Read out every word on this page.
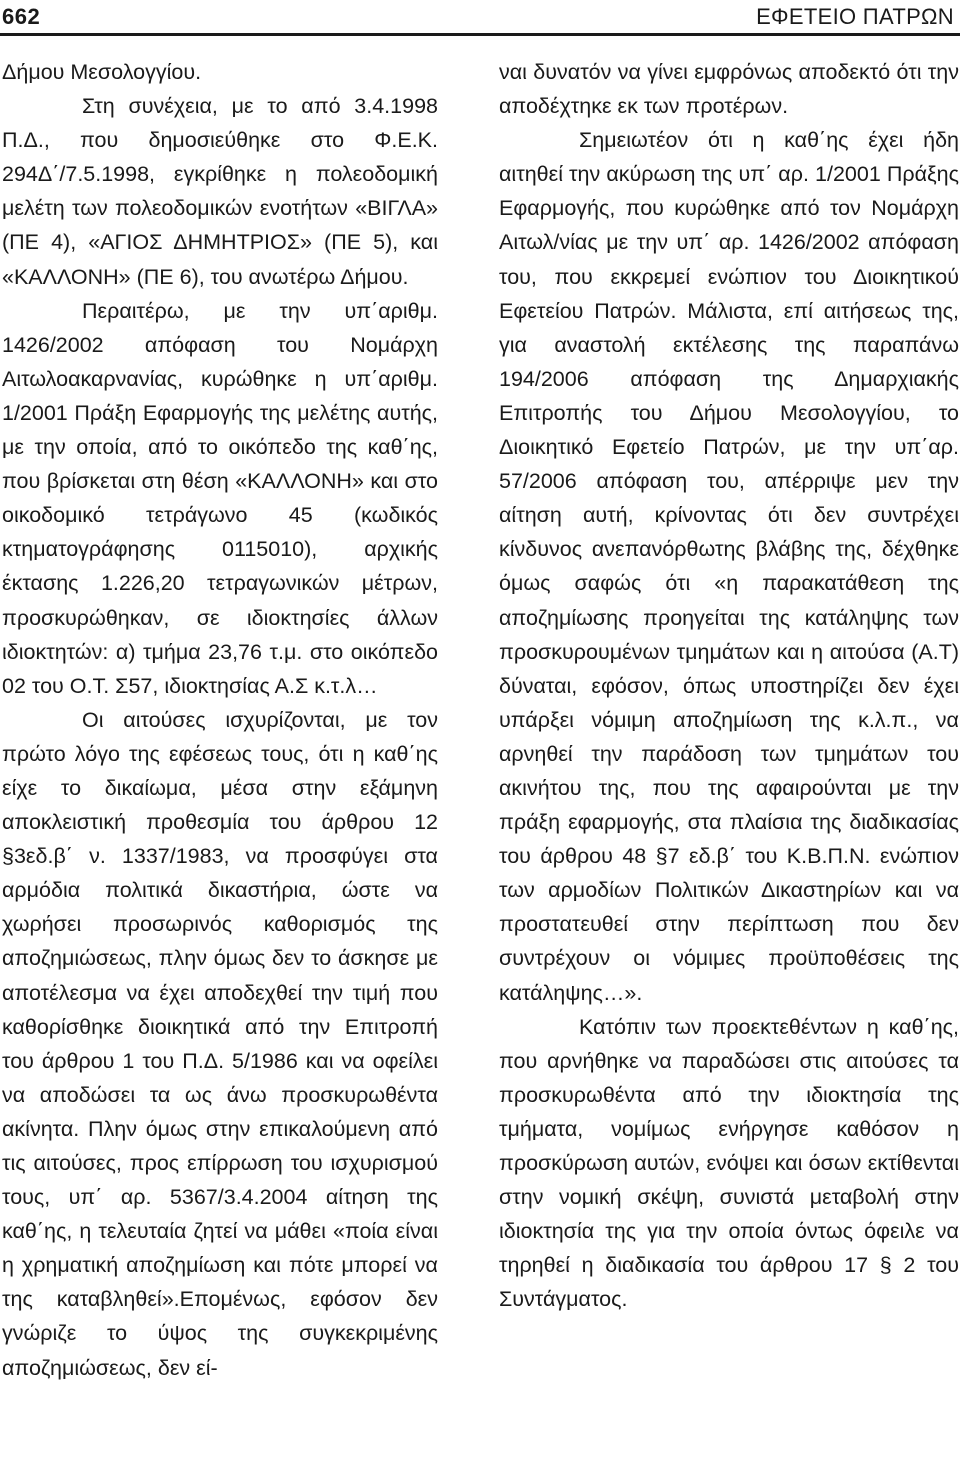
662	ΕΦΕΤΕΙΟ ΠΑΤΡΩΝ

Δήμου Μεσολογγίου.

Στη συνέχεια, με το από 3.4.1998 Π.Δ., που δημοσιεύθηκε στο Φ.Ε.Κ. 294Δ΄/7.5.1998, εγκρίθηκε η πολεοδομική μελέτη των πολεοδομικών ενοτήτων «ΒΙΓΛΑ» (ΠΕ 4), «ΑΓΙΟΣ ΔΗΜΗΤΡΙΟΣ» (ΠΕ 5), και «ΚΑΛΛΟΝΗ» (ΠΕ 6), του ανωτέρω Δήμου.

Περαιτέρω, με την υπ΄αριθμ. 1426/2002 απόφαση του Νομάρχη Αιτωλοακαρνανίας, κυρώθηκε η υπ΄αριθμ. 1/2001 Πράξη Εφαρμογής της μελέτης αυτής, με την οποία, από το οικόπεδο της καθ΄ης, που βρίσκεται στη θέση «ΚΑΛΛΟΝΗ» και στο οικοδομικό τετράγωνο 45 (κωδικός κτηματογράφησης 0115010), αρχικής έκτασης 1.226,20 τετραγωνικών μέτρων, προσκυρώθηκαν, σε ιδιοκτησίες άλλων ιδιοκτητών: α) τμήμα 23,76 τ.μ. στο οικόπεδο 02 του Ο.Τ. Σ57, ιδιοκτησίας Α.Σ κ.τ.λ…

Οι αιτούσες ισχυρίζονται, με τον πρώτο λόγο της εφέσεως τους, ότι η καθ΄ης είχε το δικαίωμα, μέσα στην εξάμηνη αποκλειστική προθεσμία του άρθρου 12 §3εδ.β΄ ν. 1337/1983, να προσφύγει στα αρμόδια πολιτικά δικαστήρια, ώστε να χωρήσει προσωρινός καθορισμός της αποζημιώσεως, πλην όμως δεν το άσκησε με αποτέλεσμα να έχει αποδεχθεί την τιμή που καθορίσθηκε διοικητικά από την Επιτροπή του άρθρου 1 του Π.Δ. 5/1986 και να οφείλει να αποδώσει τα ως άνω προσκυρωθέντα ακίνητα. Πλην όμως στην επικαλούμενη από τις αιτούσες, προς επίρρωση του ισχυρισμού τους, υπ΄ αρ. 5367/3.4.2004 αίτηση της καθ΄ης, η τελευταία ζητεί να μάθει «ποία είναι η χρηματική αποζημίωση και πότε μπορεί να της καταβληθεί».Επομένως, εφόσον δεν γνώριζε το ύψος της συγκεκριμένης αποζημιώσεως, δεν εί-

ναι δυνατόν να γίνει εμφρόνως αποδεκτό ότι την αποδέχτηκε εκ των προτέρων.

Σημειωτέον ότι η καθ΄ης έχει ήδη αιτηθεί την ακύρωση της υπ΄ αρ. 1/2001 Πράξης Εφαρμογής, που κυρώθηκε από τον Νομάρχη Αιτωλ/νίας με την υπ΄ αρ. 1426/2002 απόφαση του, που εκκρεμεί ενώπιον του Διοικητικού Εφετείου Πατρών. Μάλιστα, επί αιτήσεως της, για αναστολή εκτέλεσης της παραπάνω 194/2006 απόφαση της Δημαρχιακής Επιτροπής του Δήμου Μεσολογγίου, το Διοικητικό Εφετείο Πατρών, με την υπ΄αρ. 57/2006 απόφαση του, απέρριψε μεν την αίτηση αυτή, κρίνοντας ότι δεν συντρέχει κίνδυνος ανεπανόρθωτης βλάβης της, δέχθηκε όμως σαφώς ότι «η παρακατάθεση της αποζημίωσης προηγείται της κατάληψης των προσκυρουμένων τμημάτων και η αιτούσα (Α.Τ) δύναται, εφόσον, όπως υποστηρίζει δεν έχει υπάρξει νόμιμη αποζημίωση της κ.λ.π., να αρνηθεί την παράδοση των τμημάτων του ακινήτου της, που της αφαιρούνται με την πράξη εφαρμογής, στα πλαίσια της διαδικασίας του άρθρου 48 §7 εδ.β΄ του Κ.Β.Π.Ν. ενώπιον των αρμοδίων Πολιτικών Δικαστηρίων και να προστατευθεί στην περίπτωση που δεν συντρέχουν οι νόμιμες προϋποθέσεις της κατάληψης…».

Κατόπιν των προεκτεθέντων η καθ΄ης, που αρνήθηκε να παραδώσει στις αιτούσες τα προσκυρωθέντα από την ιδιοκτησία της τμήματα, νομίμως ενήργησε καθόσον η προσκύρωση αυτών, ενόψει και όσων εκτίθενται στην νομική σκέψη, συνιστά μεταβολή στην ιδιοκτησία της για την οποία όντως όφειλε να τηρηθεί η διαδικασία του άρθρου 17 § 2 του Συντάγματος.
